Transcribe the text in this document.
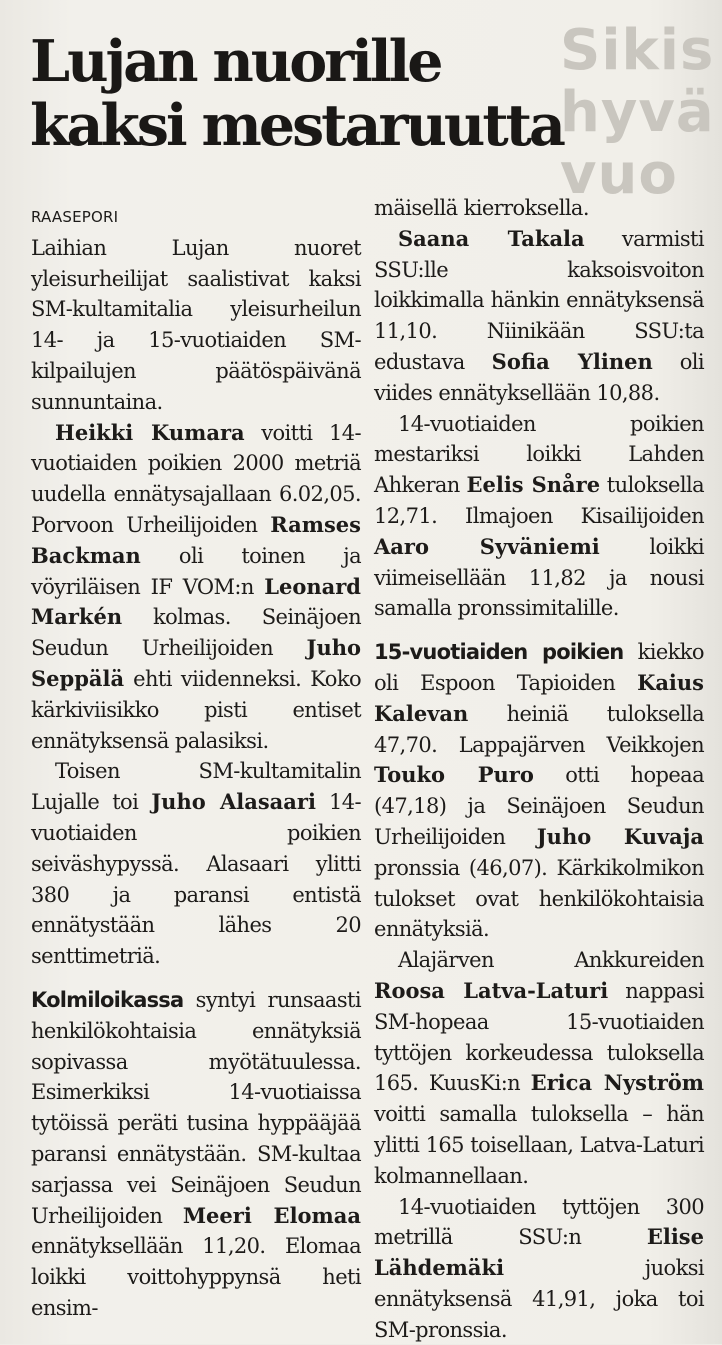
Sikis
hyvä
vuo
Lujan nuorille
kaksi mestaruutta

RAASEPORI

Laihian Lujan nuoret yleisurheilijat saalistivat kaksi SM-kultamitalia yleisurheilun 14- ja 15-vuotiaiden SM-kilpailujen päätöspäivänä sunnuntaina.

Heikki Kumara voitti 14-vuotiaiden poikien 2000 metriä uudella ennätysajallaan 6.02,05. Porvoon Urheilijoiden Ramses Backman oli toinen ja vöyriläisen IF VOM:n Leonard Markén kolmas. Seinäjoen Seudun Urheilijoiden Juho Seppälä ehti viidenneksi. Koko kärkiviisikko pisti entiset ennätyksensä palasiksi.

Toisen SM-kultamitalin Lujalle toi Juho Alasaari 14-vuotiaiden poikien seiväshypyssä. Alasaari ylitti 380 ja paransi entistä ennätystään lähes 20 senttimetriä.

Kolmiloikassa syntyi runsaasti henkilökohtaisia ennätyksiä sopivassa myötätuulessa. Esimerkiksi 14-vuotiaissa tytöissä peräti tusina hyppääjää paransi ennätystään. SM-kultaa sarjassa vei Seinäjoen Seudun Urheilijoiden Meeri Elomaa ennätyksellään 11,20. Elomaa loikki voittohyppynsä heti ensim-

mäisellä kierroksella.

Saana Takala varmisti SSU:lle kaksoisvoiton loikkimalla hänkin ennätyksensä 11,10. Niinikään SSU:ta edustava Sofia Ylinen oli viides ennätyksellään 10,88.

14-vuotiaiden poikien mestariksi loikki Lahden Ahkeran Eelis Snåre tuloksella 12,71. Ilmajoen Kisailijoiden Aaro Syväniemi loikki viimeisellään 11,82 ja nousi samalla pronssimitalille.

15-vuotiaiden poikien kiekko oli Espoon Tapioiden Kaius Kalevan heiniä tuloksella 47,70. Lappajärven Veikkojen Touko Puro otti hopeaa (47,18) ja Seinäjoen Seudun Urheilijoiden Juho Kuvaja pronssia (46,07). Kärkikolmikon tulokset ovat henkilökohtaisia ennätyksiä.

Alajärven Ankkureiden Roosa Latva-Laturi nappasi SM-hopeaa 15-vuotiaiden tyttöjen korkeudessa tuloksella 165. KuusKi:n Erica Nyström voitti samalla tuloksella – hän ylitti 165 toisellaan, Latva-Laturi kolmannellaan.

14-vuotiaiden tyttöjen 300 metrillä SSU:n Elise Lähdemäki juoksi ennätyksensä 41,91, joka toi SM-pronssia.
